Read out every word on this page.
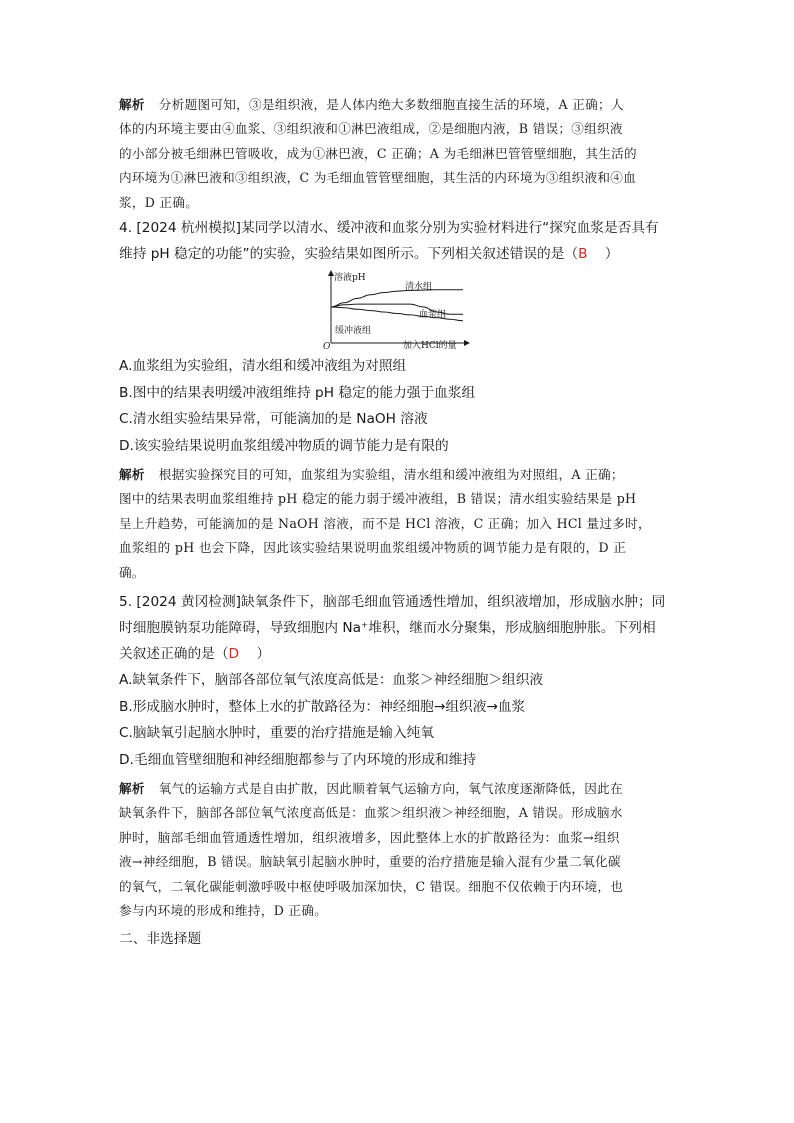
解析 分析题图可知，③是组织液，是人体内绝大多数细胞直接生活的环境，A 正确；人

体的内环境主要由④血浆、③组织液和①淋巴液组成，②是细胞内液，B 错误；③组织液

的小部分被毛细淋巴管吸收，成为①淋巴液，C 正确；A 为毛细淋巴管管壁细胞，其生活的

内环境为①淋巴液和③组织液，C 为毛细血管管壁细胞，其生活的内环境为③组织液和④血

浆，D 正确。

4. [2024 杭州模拟]某同学以清水、缓冲液和血浆分别为实验材料进行“探究血浆是否具有

维持 pH 稳定的功能”的实验，实验结果如图所示。下列相关叙述错误的是（B    ）

溶液pH
加入HCl的量
O
清水组
血浆组
缓冲液组

A.血浆组为实验组，清水组和缓冲液组为对照组

B.图中的结果表明缓冲液组维持 pH 稳定的能力强于血浆组

C.清水组实验结果异常，可能滴加的是 NaOH 溶液

D.该实验结果说明血浆组缓冲物质的调节能力是有限的

解析 根据实验探究目的可知，血浆组为实验组，清水组和缓冲液组为对照组，A 正确；

图中的结果表明血浆组维持 pH 稳定的能力弱于缓冲液组，B 错误；清水组实验结果是 pH

呈上升趋势，可能滴加的是 NaOH 溶液，而不是 HCl 溶液，C 正确；加入 HCl 量过多时，

血浆组的 pH 也会下降，因此该实验结果说明血浆组缓冲物质的调节能力是有限的，D 正

确。

5. [2024 黄冈检测]缺氧条件下，脑部毛细血管通透性增加，组织液增加，形成脑水肿；同

时细胞膜钠泵功能障碍，导致细胞内 Na⁺堆积，继而水分聚集，形成脑细胞肿胀。下列相

关叙述正确的是（D    ）

A.缺氧条件下，脑部各部位氧气浓度高低是：血浆＞神经细胞＞组织液

B.形成脑水肿时，整体上水的扩散路径为：神经细胞→组织液→血浆

C.脑缺氧引起脑水肿时，重要的治疗措施是输入纯氧

D.毛细血管壁细胞和神经细胞都参与了内环境的形成和维持

解析 氧气的运输方式是自由扩散，因此顺着氧气运输方向，氧气浓度逐渐降低，因此在

缺氧条件下，脑部各部位氧气浓度高低是：血浆＞组织液＞神经细胞，A 错误。形成脑水

肿时，脑部毛细血管通透性增加，组织液增多，因此整体上水的扩散路径为：血浆→组织

液→神经细胞，B 错误。脑缺氧引起脑水肿时，重要的治疗措施是输入混有少量二氧化碳

的氧气，二氧化碳能刺激呼吸中枢使呼吸加深加快，C 错误。细胞不仅依赖于内环境，也

参与内环境的形成和维持，D 正确。

二、非选择题
